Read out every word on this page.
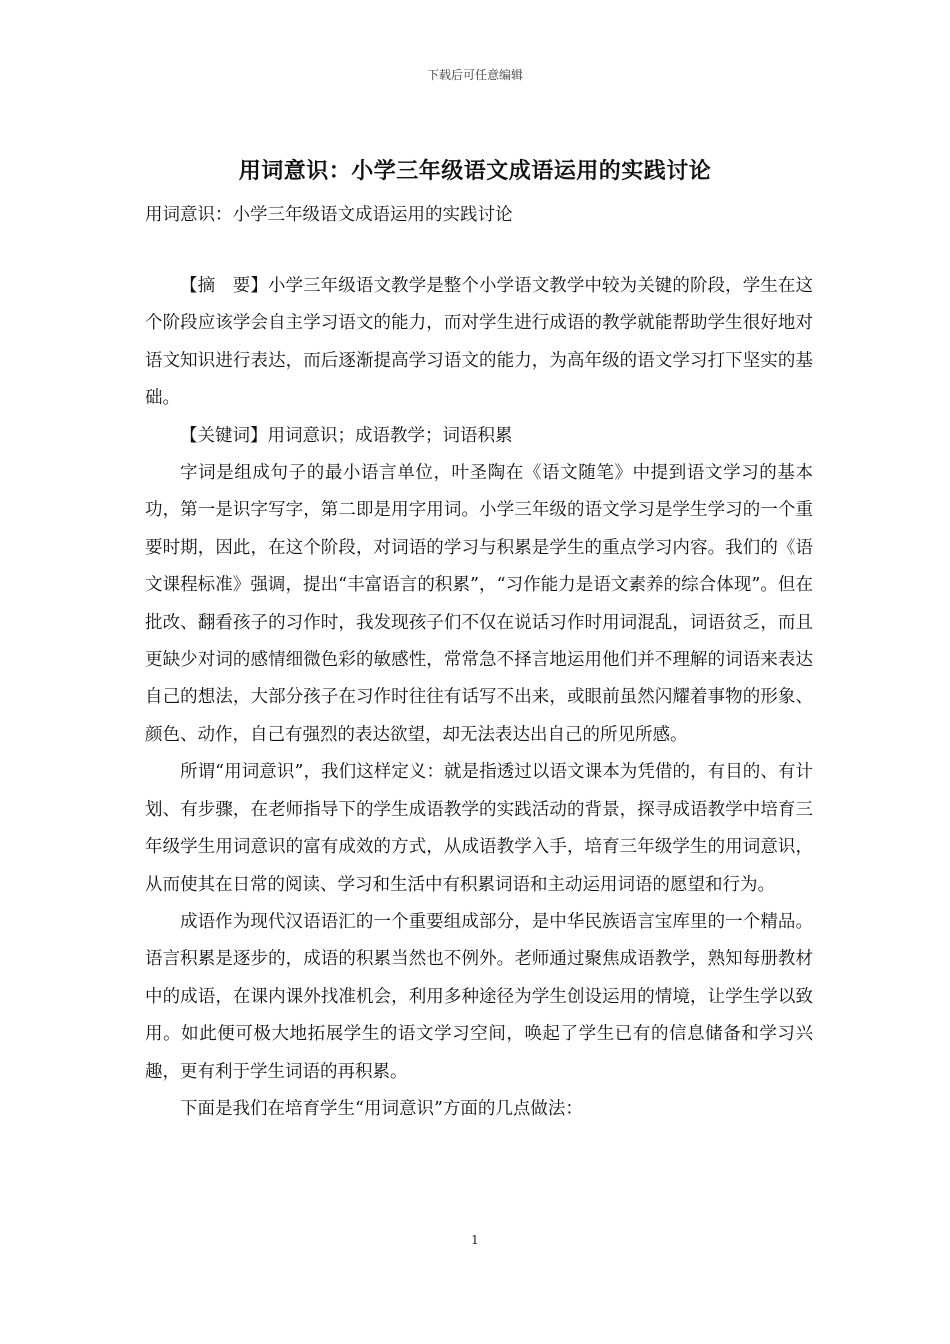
下载后可任意编辑
用词意识：小学三年级语文成语运用的实践讨论

用词意识：小学三年级语文成语运用的实践讨论

【摘　要】小学三年级语文教学是整个小学语文教学中较为关键的阶段，学生在这个阶段应该学会自主学习语文的能力，而对学生进行成语的教学就能帮助学生很好地对语文知识进行表达，而后逐渐提高学习语文的能力，为高年级的语文学习打下坚实的基础。

【关键词】用词意识；成语教学；词语积累

字词是组成句子的最小语言单位，叶圣陶在《语文随笔》中提到语文学习的基本功，第一是识字写字，第二即是用字用词。小学三年级的语文学习是学生学习的一个重要时期，因此，在这个阶段，对词语的学习与积累是学生的重点学习内容。我们的《语文课程标准》强调，提出“丰富语言的积累”，“习作能力是语文素养的综合体现”。但在批改、翻看孩子的习作时，我发现孩子们不仅在说话习作时用词混乱，词语贫乏，而且更缺少对词的感情细微色彩的敏感性，常常急不择言地运用他们并不理解的词语来表达自己的想法，大部分孩子在习作时往往有话写不出来，或眼前虽然闪耀着事物的形象、颜色、动作，自己有强烈的表达欲望，却无法表达出自己的所见所感。

所谓“用词意识”，我们这样定义：就是指透过以语文课本为凭借的，有目的、有计划、有步骤，在老师指导下的学生成语教学的实践活动的背景，探寻成语教学中培育三年级学生用词意识的富有成效的方式，从成语教学入手，培育三年级学生的用词意识，从而使其在日常的阅读、学习和生活中有积累词语和主动运用词语的愿望和行为。

成语作为现代汉语语汇的一个重要组成部分，是中华民族语言宝库里的一个精品。语言积累是逐步的，成语的积累当然也不例外。老师通过聚焦成语教学，熟知每册教材中的成语，在课内课外找准机会，利用多种途径为学生创设运用的情境，让学生学以致用。如此便可极大地拓展学生的语文学习空间，唤起了学生已有的信息储备和学习兴趣，更有利于学生词语的再积累。

下面是我们在培育学生“用词意识”方面的几点做法：

1
